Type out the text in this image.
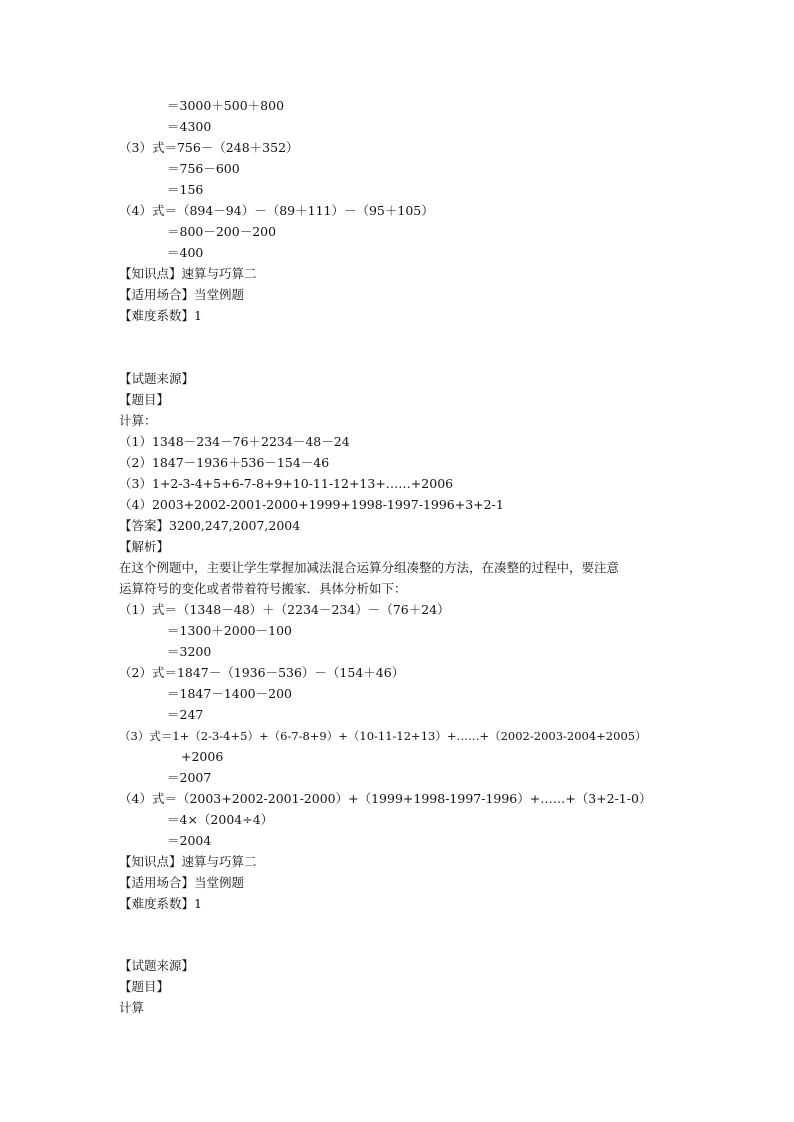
＝3000＋500＋800
＝4300
（3）式＝756－（248＋352）
＝756－600
＝156
（4）式＝（894－94）－（89＋111）－（95＋105）
＝800－200－200
＝400
【知识点】速算与巧算二
【适用场合】当堂例题
【难度系数】1
【试题来源】
【题目】
计算：
（1）1348－234－76＋2234－48－24
（2）1847－1936＋536－154－46
（3）1+2-3-4+5+6-7-8+9+10-11-12+13+……+2006
（4）2003+2002-2001-2000+1999+1998-1997-1996+3+2-1
【答案】3200,247,2007,2004
【解析】
在这个例题中，主要让学生掌握加减法混合运算分组凑整的方法，在凑整的过程中，要注意
运算符号的变化或者带着符号搬家．具体分析如下：
（1）式＝（1348－48）＋（2234－234）－（76＋24）
＝1300＋2000－100
＝3200
（2）式＝1847－（1936－536）－（154＋46）
＝1847－1400－200
＝247
（3）式＝1+（2-3-4+5）+（6-7-8+9）+（10-11-12+13）+……+（2002-2003-2004+2005）
+2006
＝2007
（4）式＝（2003+2002-2001-2000）+（1999+1998-1997-1996）+……+（3+2-1-0）
＝4×（2004÷4）
＝2004
【知识点】速算与巧算二
【适用场合】当堂例题
【难度系数】1
【试题来源】
【题目】
计算
